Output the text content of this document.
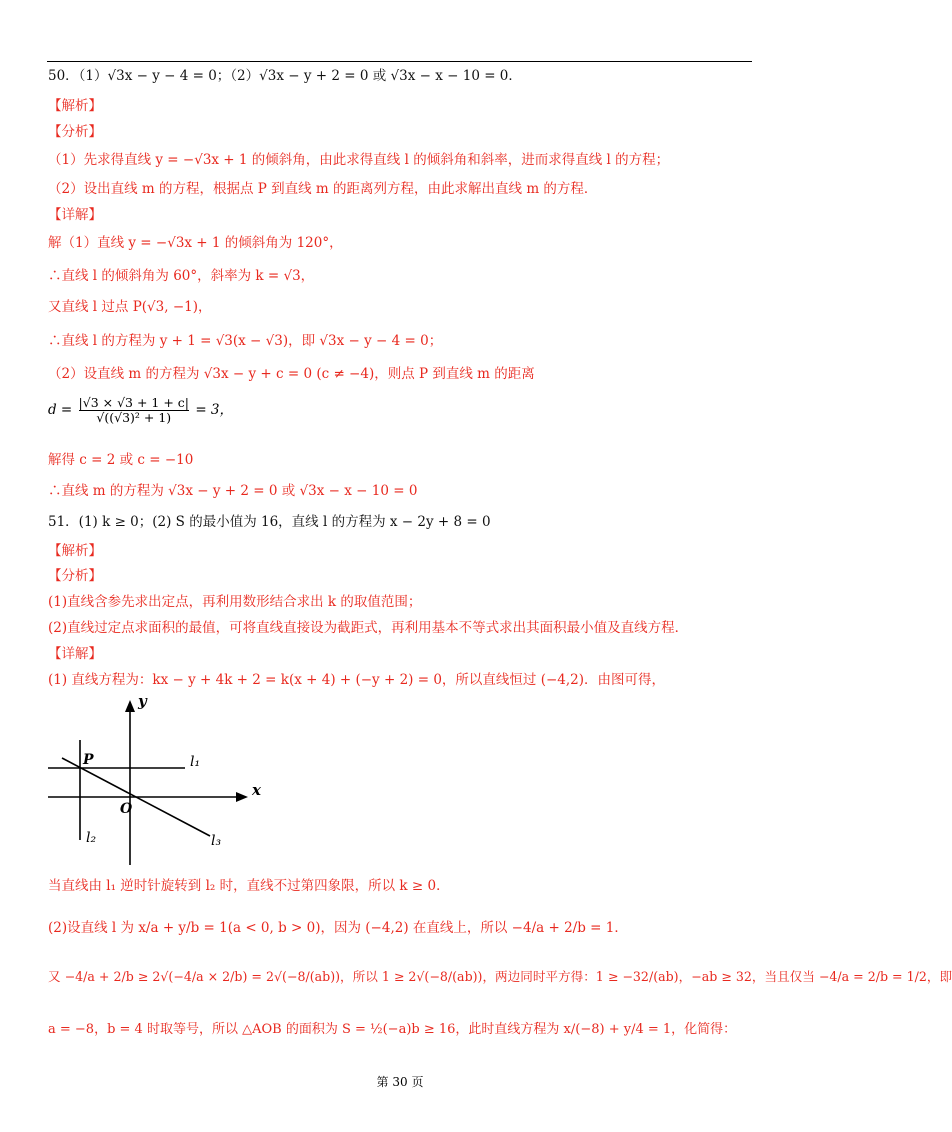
50．（1）√3x − y − 4 = 0；（2）√3x − y + 2 = 0 或 √3x − x − 10 = 0．
【解析】
【分析】
（1）先求得直线 y = −√3x + 1 的倾斜角，由此求得直线 l 的倾斜角和斜率，进而求得直线 l 的方程；
（2）设出直线 m 的方程，根据点 P 到直线 m 的距离列方程，由此求解出直线 m 的方程．
【详解】
解（1）直线 y = −√3x + 1 的倾斜角为 120°，
∴直线 l 的倾斜角为 60°，斜率为 k = √3，
又直线 l 过点 P(√3, −1)，
∴直线 l 的方程为 y + 1 = √3(x − √3)，即 √3x − y − 4 = 0；
（2）设直线 m 的方程为 √3x − y + c = 0 (c ≠ −4)，则点 P 到直线 m 的距离
$d = \frac{|√3 \times √3 + 1 + c|}{\text{√((√3)² + 1)}} = 3$，
解得 c = 2 或 c = −10
∴直线 m 的方程为 √3x − y + 2 = 0 或 √3x − x − 10 = 0
51．(1) k ≥ 0；(2) S 的最小值为 16，直线 l 的方程为 x − 2y + 8 = 0
【解析】
【分析】
(1)直线含参先求出定点，再利用数形结合求出 k 的取值范围；
(2)直线过定点求面积的最值，可将直线直接设为截距式，再利用基本不等式求出其面积最小值及直线方程．
【详解】
(1) 直线方程为：kx − y + 4k + 2 = k(x + 4) + (−y + 2) = 0，所以直线恒过 (−4,2)．由图可得，
x
y
O
P	l₁
l₂	l₃
当直线由 l₁ 逆时针旋转到 l₂ 时，直线不过第四象限，所以 k ≥ 0．
(2)设直线 l 为 x/a + y/b = 1(a < 0, b > 0)，因为 (−4,2) 在直线上，所以 −4/a + 2/b = 1．
又 −4/a + 2/b ≥ 2√(−4/a × 2/b) = 2√(−8/(ab))，所以 1 ≥ 2√(−8/(ab))，两边同时平方得：1 ≥ −32/(ab)，−ab ≥ 32，当且仅当 −4/a = 2/b = 1/2，即
a = −8，b = 4 时取等号，所以 △AOB 的面积为 S = ½(−a)b ≥ 16，此时直线方程为 x/(−8) + y/4 = 1，化简得：
第 30 页
